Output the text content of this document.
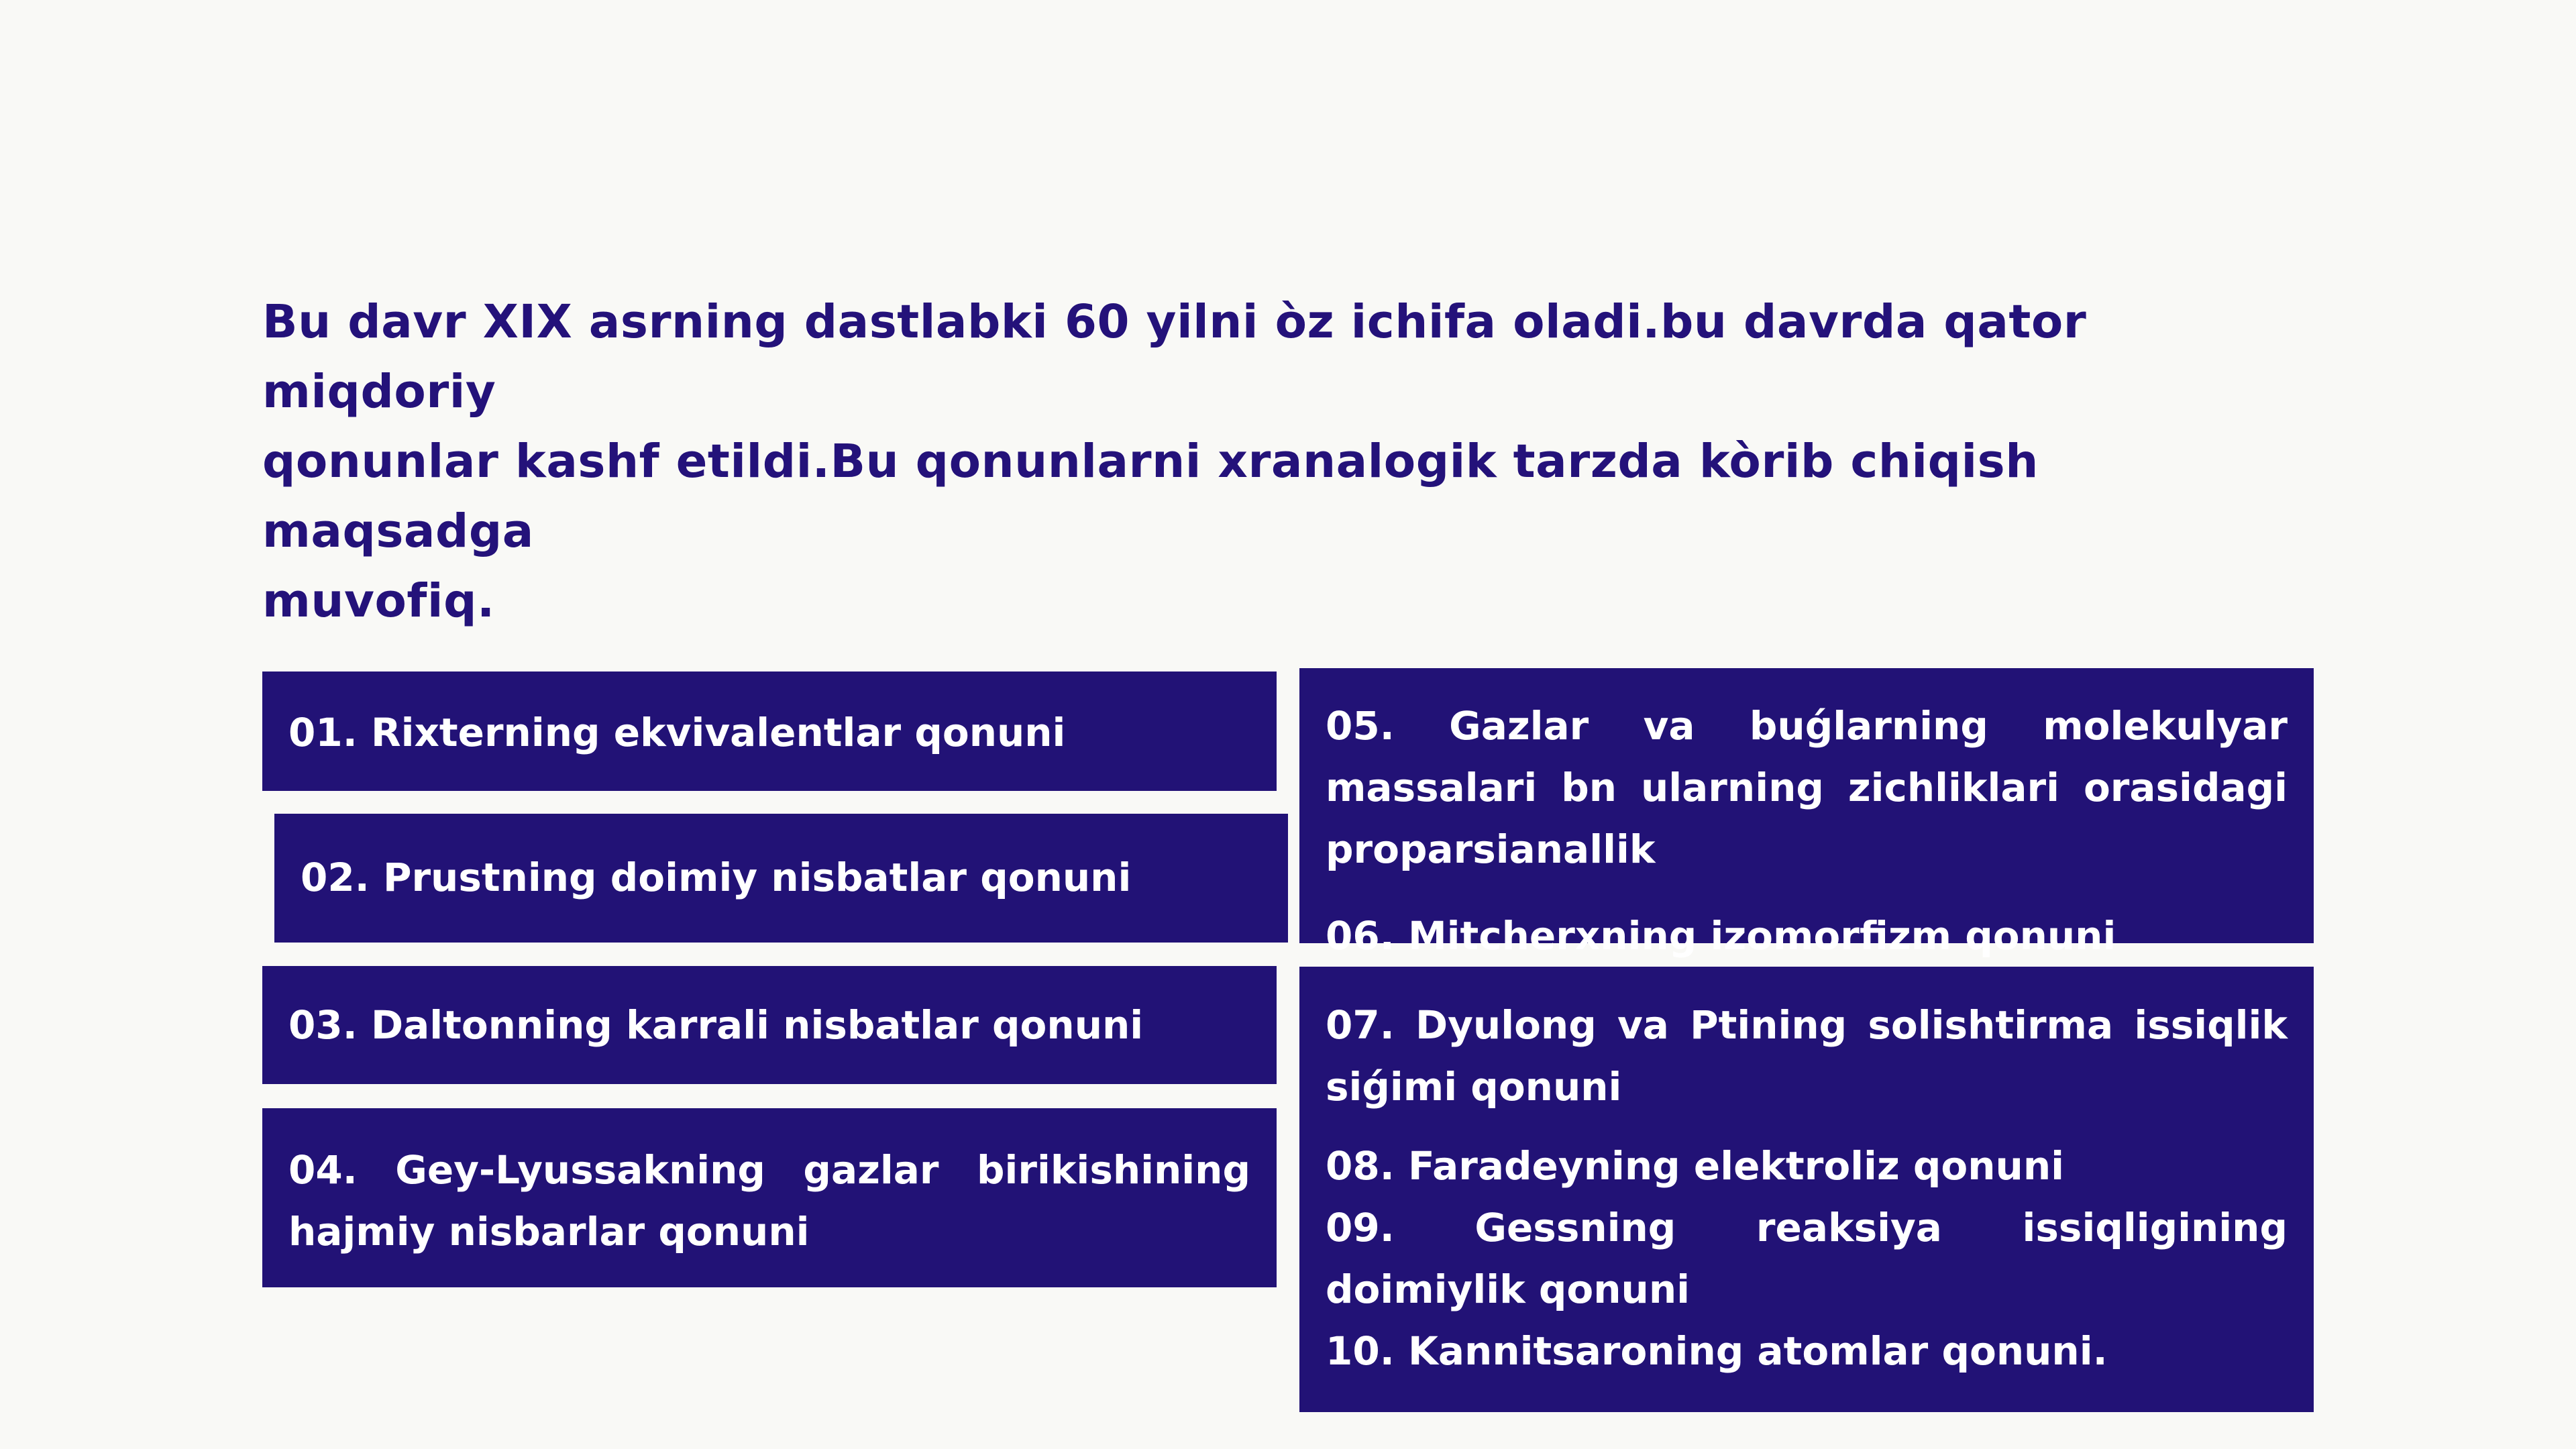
Bu davr XIX asrning dastlabki 60 yilni òz ichifa oladi.bu davrda qator miqdoriy
qonunlar kashf etildi.Bu qonunlarni xranalogik tarzda kòrib chiqish maqsadga
muvofiq.

01. Rixterning ekvivalentlar qonuni
02. Prustning doimiy nisbatlar qonuni
03. Daltonning karrali nisbatlar qonuni
04. Gey-Lyussakning gazlar birikishining hajmiy nisbarlar qonuni
05. Gazlar va buǵlarning molekulyar massalari bn ularning zichliklari orasidagi proparsianallik
06. Mitcherxning izomorfizm qonuni
07. Dyulong va Ptining solishtirma issiqlik siǵimi qonuni
08. Faradeyning elektroliz qonuni
09. Gessning reaksiya issiqligining doimiylik qonuni
10. Kannitsaroning atomlar qonuni.
